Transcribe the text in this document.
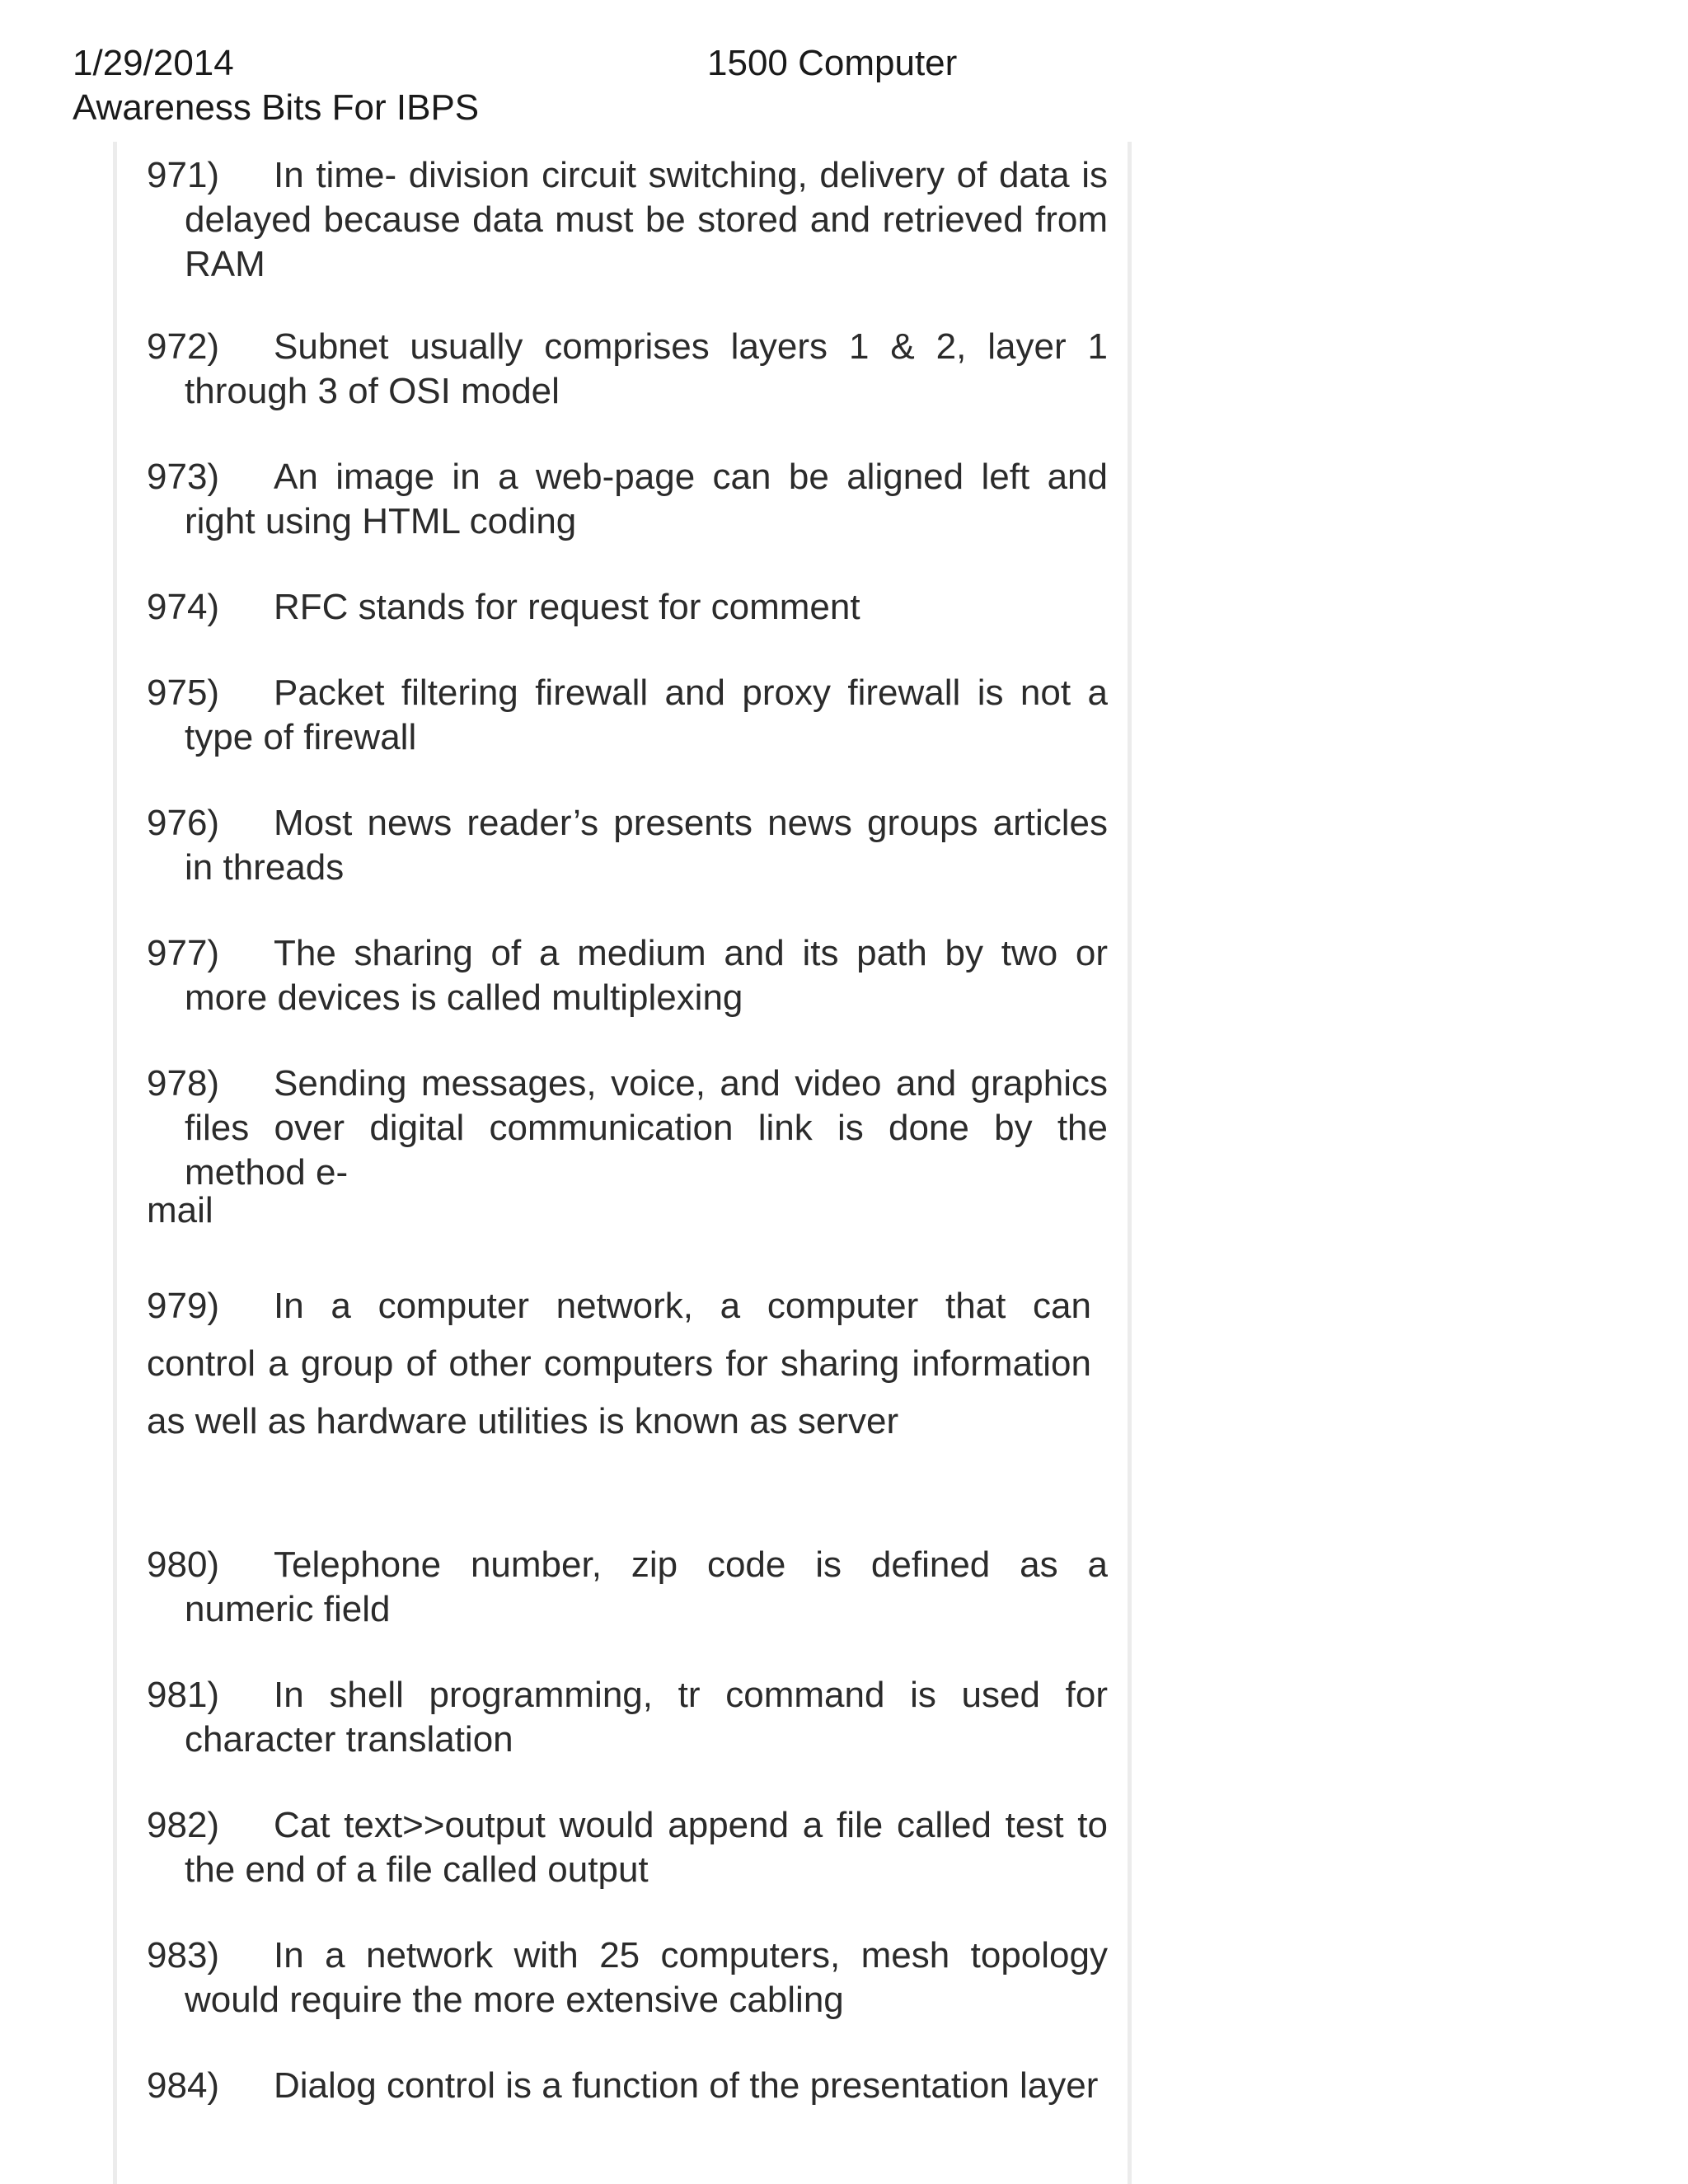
1/29/2014	1500 Computer
Awareness Bits For IBPS
971) In time- division circuit switching, delivery of data is delayed because data must be stored and retrieved from RAM
972) Subnet usually comprises layers 1 & 2, layer 1 through 3 of OSI model
973) An image in a web-page can be aligned left and right using HTML coding
974) RFC stands for request for comment
975) Packet filtering firewall and proxy firewall is not a type of firewall
976) Most news reader’s presents news groups articles in threads
977) The sharing of a medium and its path by two or more devices is called multiplexing
978) Sending messages, voice, and video and graphics files over digital communication link is done by the method e-
mail
979) In a computer network, a computer that can control a group of other computers for sharing information as well as hardware utilities is known as server
980) Telephone number, zip code is defined as a numeric field
981) In shell programming, tr command is used for character translation
982) Cat text>>output would append a file called test to the end of a file called output
983) In a network with 25 computers, mesh topology would require the more extensive cabling
984) Dialog control is a function of the presentation layer
